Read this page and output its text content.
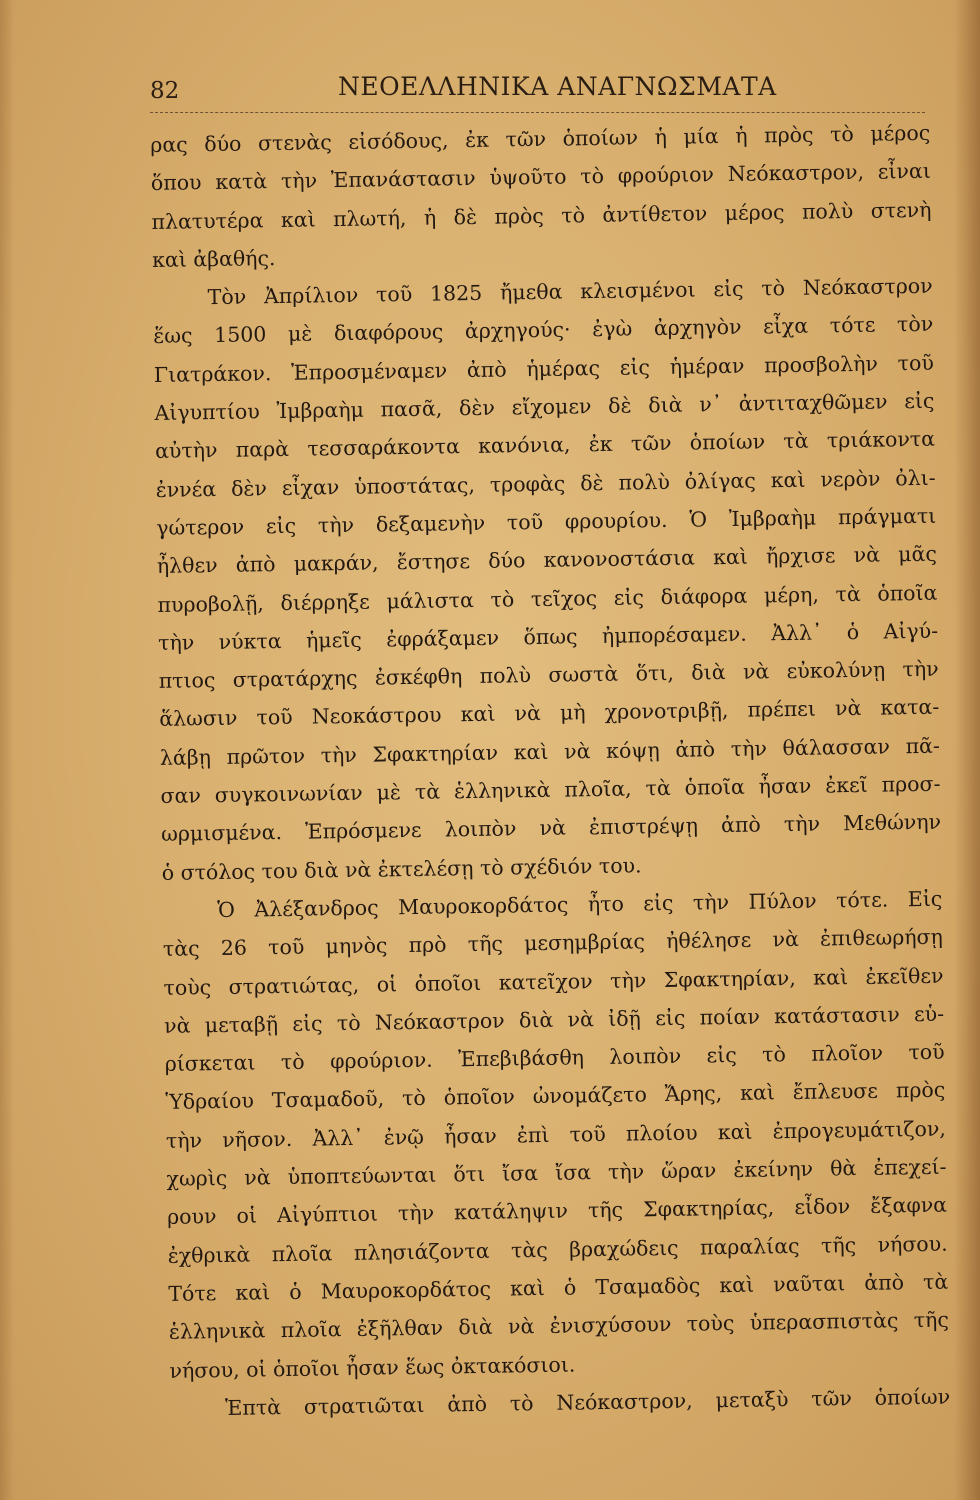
82	ΝΕΟΕΛΛΗΝΙΚΑ ΑΝΑΓΝΩΣΜΑΤΑ
ρας δύο στενὰς εἰσόδους, ἐκ τῶν ὁποίων ἡ μία ἡ πρὸς τὸ μέρος
ὅπου κατὰ τὴν Ἐπανάστασιν ὑψοῦτο τὸ φρούριον Νεόκαστρον, εἶναι
πλατυτέρα καὶ πλωτή, ἡ δὲ πρὸς τὸ ἀντίθετον μέρος πολὺ στενὴ
καὶ ἀβαθής.
Τὸν Ἀπρίλιον τοῦ 1825 ἤμεθα κλεισμένοι εἰς τὸ Νεόκαστρον
ἕως 1500 μὲ διαφόρους ἀρχηγούς· ἐγὼ ἀρχηγὸν εἶχα τότε τὸν
Γιατράκον. Ἐπροσμέναμεν ἀπὸ ἡμέρας εἰς ἡμέραν προσβολὴν τοῦ
Αἰγυπτίου Ἰμβραὴμ πασᾶ, δὲν εἴχομεν δὲ διὰ ν᾿ ἀντιταχθῶμεν εἰς
αὐτὴν παρὰ τεσσαράκοντα κανόνια, ἐκ τῶν ὁποίων τὰ τριάκοντα
ἐννέα δὲν εἶχαν ὑποστάτας, τροφὰς δὲ πολὺ ὀλίγας καὶ νερὸν ὀλι-
γώτερον εἰς τὴν δεξαμενὴν τοῦ φρουρίου. Ὁ Ἰμβραὴμ πράγματι
ἦλθεν ἀπὸ μακράν, ἔστησε δύο κανονοστάσια καὶ ἤρχισε νὰ μᾶς
πυροβολῇ, διέρρηξε μάλιστα τὸ τεῖχος εἰς διάφορα μέρη, τὰ ὁποῖα
τὴν νύκτα ἡμεῖς ἐφράξαμεν ὅπως ἠμπορέσαμεν. Ἀλλ᾿ ὁ Αἰγύ-
πτιος στρατάρχης ἐσκέφθη πολὺ σωστὰ ὅτι, διὰ νὰ εὐκολύνῃ τὴν
ἅλωσιν τοῦ Νεοκάστρου καὶ νὰ μὴ χρονοτριβῇ, πρέπει νὰ κατα-
λάβῃ πρῶτον τὴν Σφακτηρίαν καὶ νὰ κόψῃ ἀπὸ τὴν θάλασσαν πᾶ-
σαν συγκοινωνίαν μὲ τὰ ἑλληνικὰ πλοῖα, τὰ ὁποῖα ἦσαν ἐκεῖ προσ-
ωρμισμένα. Ἐπρόσμενε λοιπὸν νὰ ἐπιστρέψῃ ἀπὸ τὴν Μεθώνην
ὁ στόλος του διὰ νὰ ἐκτελέσῃ τὸ σχέδιόν του.
Ὁ Ἀλέξανδρος Μαυροκορδάτος ἦτο εἰς τὴν Πύλον τότε. Εἰς
τὰς 26 τοῦ μηνὸς πρὸ τῆς μεσημβρίας ἠθέλησε νὰ ἐπιθεωρήσῃ
τοὺς στρατιώτας, οἱ ὁποῖοι κατεῖχον τὴν Σφακτηρίαν, καὶ ἐκεῖθεν
νὰ μεταβῇ εἰς τὸ Νεόκαστρον διὰ νὰ ἰδῇ εἰς ποίαν κατάστασιν εὑ-
ρίσκεται τὸ φρούριον. Ἐπεβιβάσθη λοιπὸν εἰς τὸ πλοῖον τοῦ
Ὑδραίου Τσαμαδοῦ, τὸ ὁποῖον ὠνομάζετο Ἄρης, καὶ ἔπλευσε πρὸς
τὴν νῆσον. Ἀλλ᾿ ἐνῷ ἦσαν ἐπὶ τοῦ πλοίου καὶ ἐπρογευμάτιζον,
χωρὶς νὰ ὑποπτεύωνται ὅτι ἴσα ἴσα τὴν ὥραν ἐκείνην θὰ ἐπεχεί-
ρουν οἱ Αἰγύπτιοι τὴν κατάληψιν τῆς Σφακτηρίας, εἶδον ἔξαφνα
ἐχθρικὰ πλοῖα πλησιάζοντα τὰς βραχώδεις παραλίας τῆς νήσου.
Τότε καὶ ὁ Μαυροκορδάτος καὶ ὁ Τσαμαδὸς καὶ ναῦται ἀπὸ τὰ
ἑλληνικὰ πλοῖα ἐξῆλθαν διὰ νὰ ἐνισχύσουν τοὺς ὑπερασπιστὰς τῆς
νήσου, οἱ ὁποῖοι ἦσαν ἕως ὀκτακόσιοι.
Ἑπτὰ στρατιῶται ἀπὸ τὸ Νεόκαστρον, μεταξὺ τῶν ὁποίων
